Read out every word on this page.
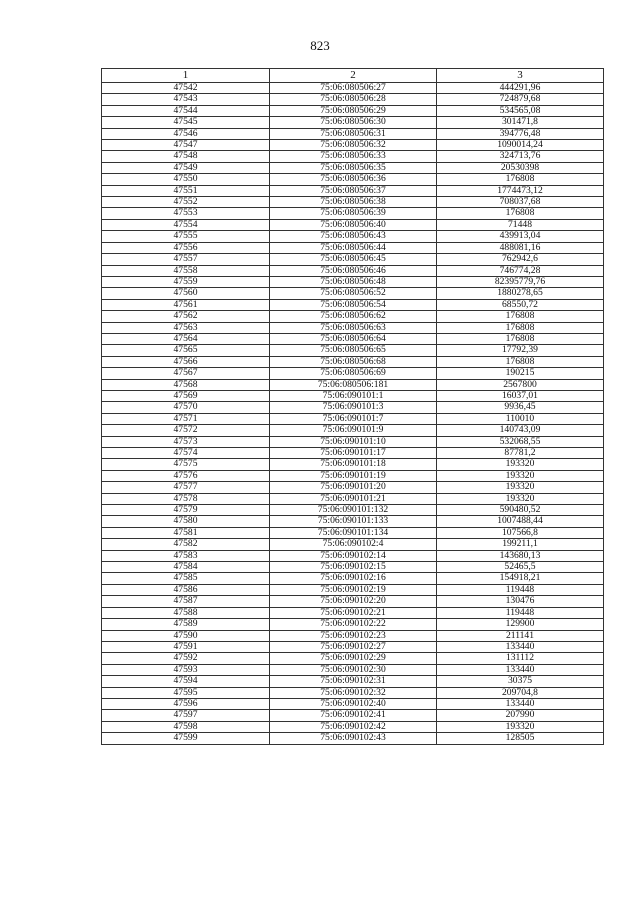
823
1	2	3
47542	75:06:080506:27	444291,96
47543	75:06:080506:28	724879,68
47544	75:06:080506:29	534565,08
47545	75:06:080506:30	301471,8
47546	75:06:080506:31	394776,48
47547	75:06:080506:32	1090014,24
47548	75:06:080506:33	324713,76
47549	75:06:080506:35	20530398
47550	75:06:080506:36	176808
47551	75:06:080506:37	1774473,12
47552	75:06:080506:38	708037,68
47553	75:06:080506:39	176808
47554	75:06:080506:40	71448
47555	75:06:080506:43	439913,04
47556	75:06:080506:44	488081,16
47557	75:06:080506:45	762942,6
47558	75:06:080506:46	746774,28
47559	75:06:080506:48	82395779,76
47560	75:06:080506:52	1880278,65
47561	75:06:080506:54	68550,72
47562	75:06:080506:62	176808
47563	75:06:080506:63	176808
47564	75:06:080506:64	176808
47565	75:06:080506:65	17792,39
47566	75:06:080506:68	176808
47567	75:06:080506:69	190215
47568	75:06:080506:181	2567800
47569	75:06:090101:1	16037,01
47570	75:06:090101:3	9936,45
47571	75:06:090101:7	110010
47572	75:06:090101:9	140743,09
47573	75:06:090101:10	532068,55
47574	75:06:090101:17	87781,2
47575	75:06:090101:18	193320
47576	75:06:090101:19	193320
47577	75:06:090101:20	193320
47578	75:06:090101:21	193320
47579	75:06:090101:132	590480,52
47580	75:06:090101:133	1007488,44
47581	75:06:090101:134	107566,8
47582	75:06:090102:4	199211,1
47583	75:06:090102:14	143680,13
47584	75:06:090102:15	52465,5
47585	75:06:090102:16	154918,21
47586	75:06:090102:19	119448
47587	75:06:090102:20	130476
47588	75:06:090102:21	119448
47589	75:06:090102:22	129900
47590	75:06:090102:23	211141
47591	75:06:090102:27	133440
47592	75:06:090102:29	131112
47593	75:06:090102:30	133440
47594	75:06:090102:31	30375
47595	75:06:090102:32	209704,8
47596	75:06:090102:40	133440
47597	75:06:090102:41	207990
47598	75:06:090102:42	193320
47599	75:06:090102:43	128505
